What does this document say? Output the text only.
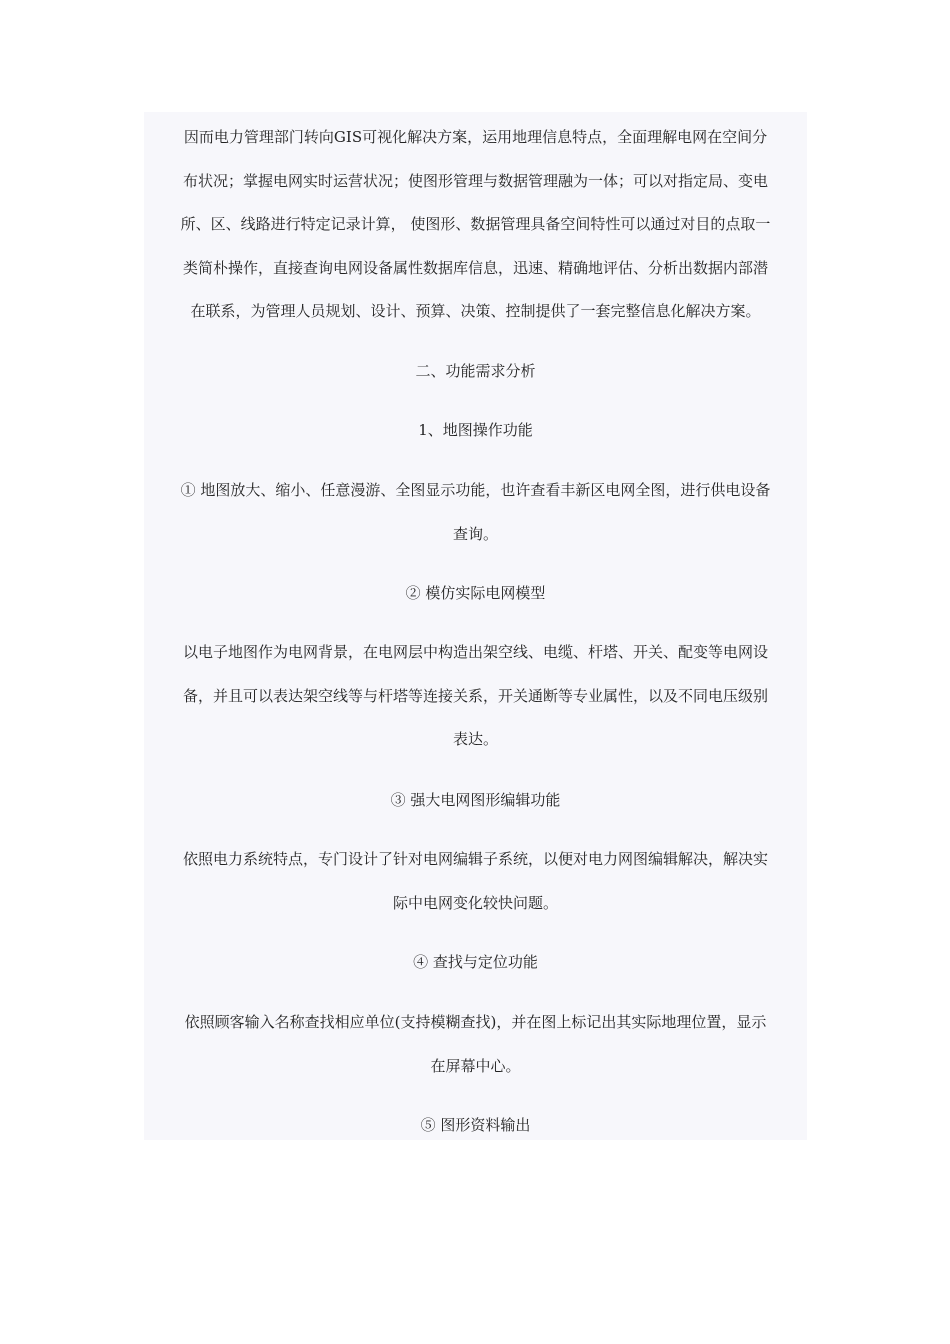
因而电力管理部门转向GIS可视化解决方案，运用地理信息特点，全面理解电网在空间分
布状况；掌握电网实时运营状况；使图形管理与数据管理融为一体；可以对指定局、变电
所、区、线路进行特定记录计算， 使图形、数据管理具备空间特性可以通过对目的点取一
类简朴操作，直接查询电网设备属性数据库信息，迅速、精确地评估、分析出数据内部潜
在联系，为管理人员规划、设计、预算、决策、控制提供了一套完整信息化解决方案。

二、功能需求分析

1、地图操作功能

① 地图放大、缩小、任意漫游、全图显示功能，也许查看丰新区电网全图，进行供电设备
查询。

② 模仿实际电网模型

以电子地图作为电网背景，在电网层中构造出架空线、电缆、杆塔、开关、配变等电网设
备，并且可以表达架空线等与杆塔等连接关系，开关通断等专业属性，以及不同电压级别
表达。

③ 强大电网图形编辑功能

依照电力系统特点，专门设计了针对电网编辑子系统，以便对电力网图编辑解决，解决实
际中电网变化较快问题。

④ 查找与定位功能

依照顾客输入名称查找相应单位(支持模糊查找)，并在图上标记出其实际地理位置，显示
在屏幕中心。

⑤ 图形资料输出
